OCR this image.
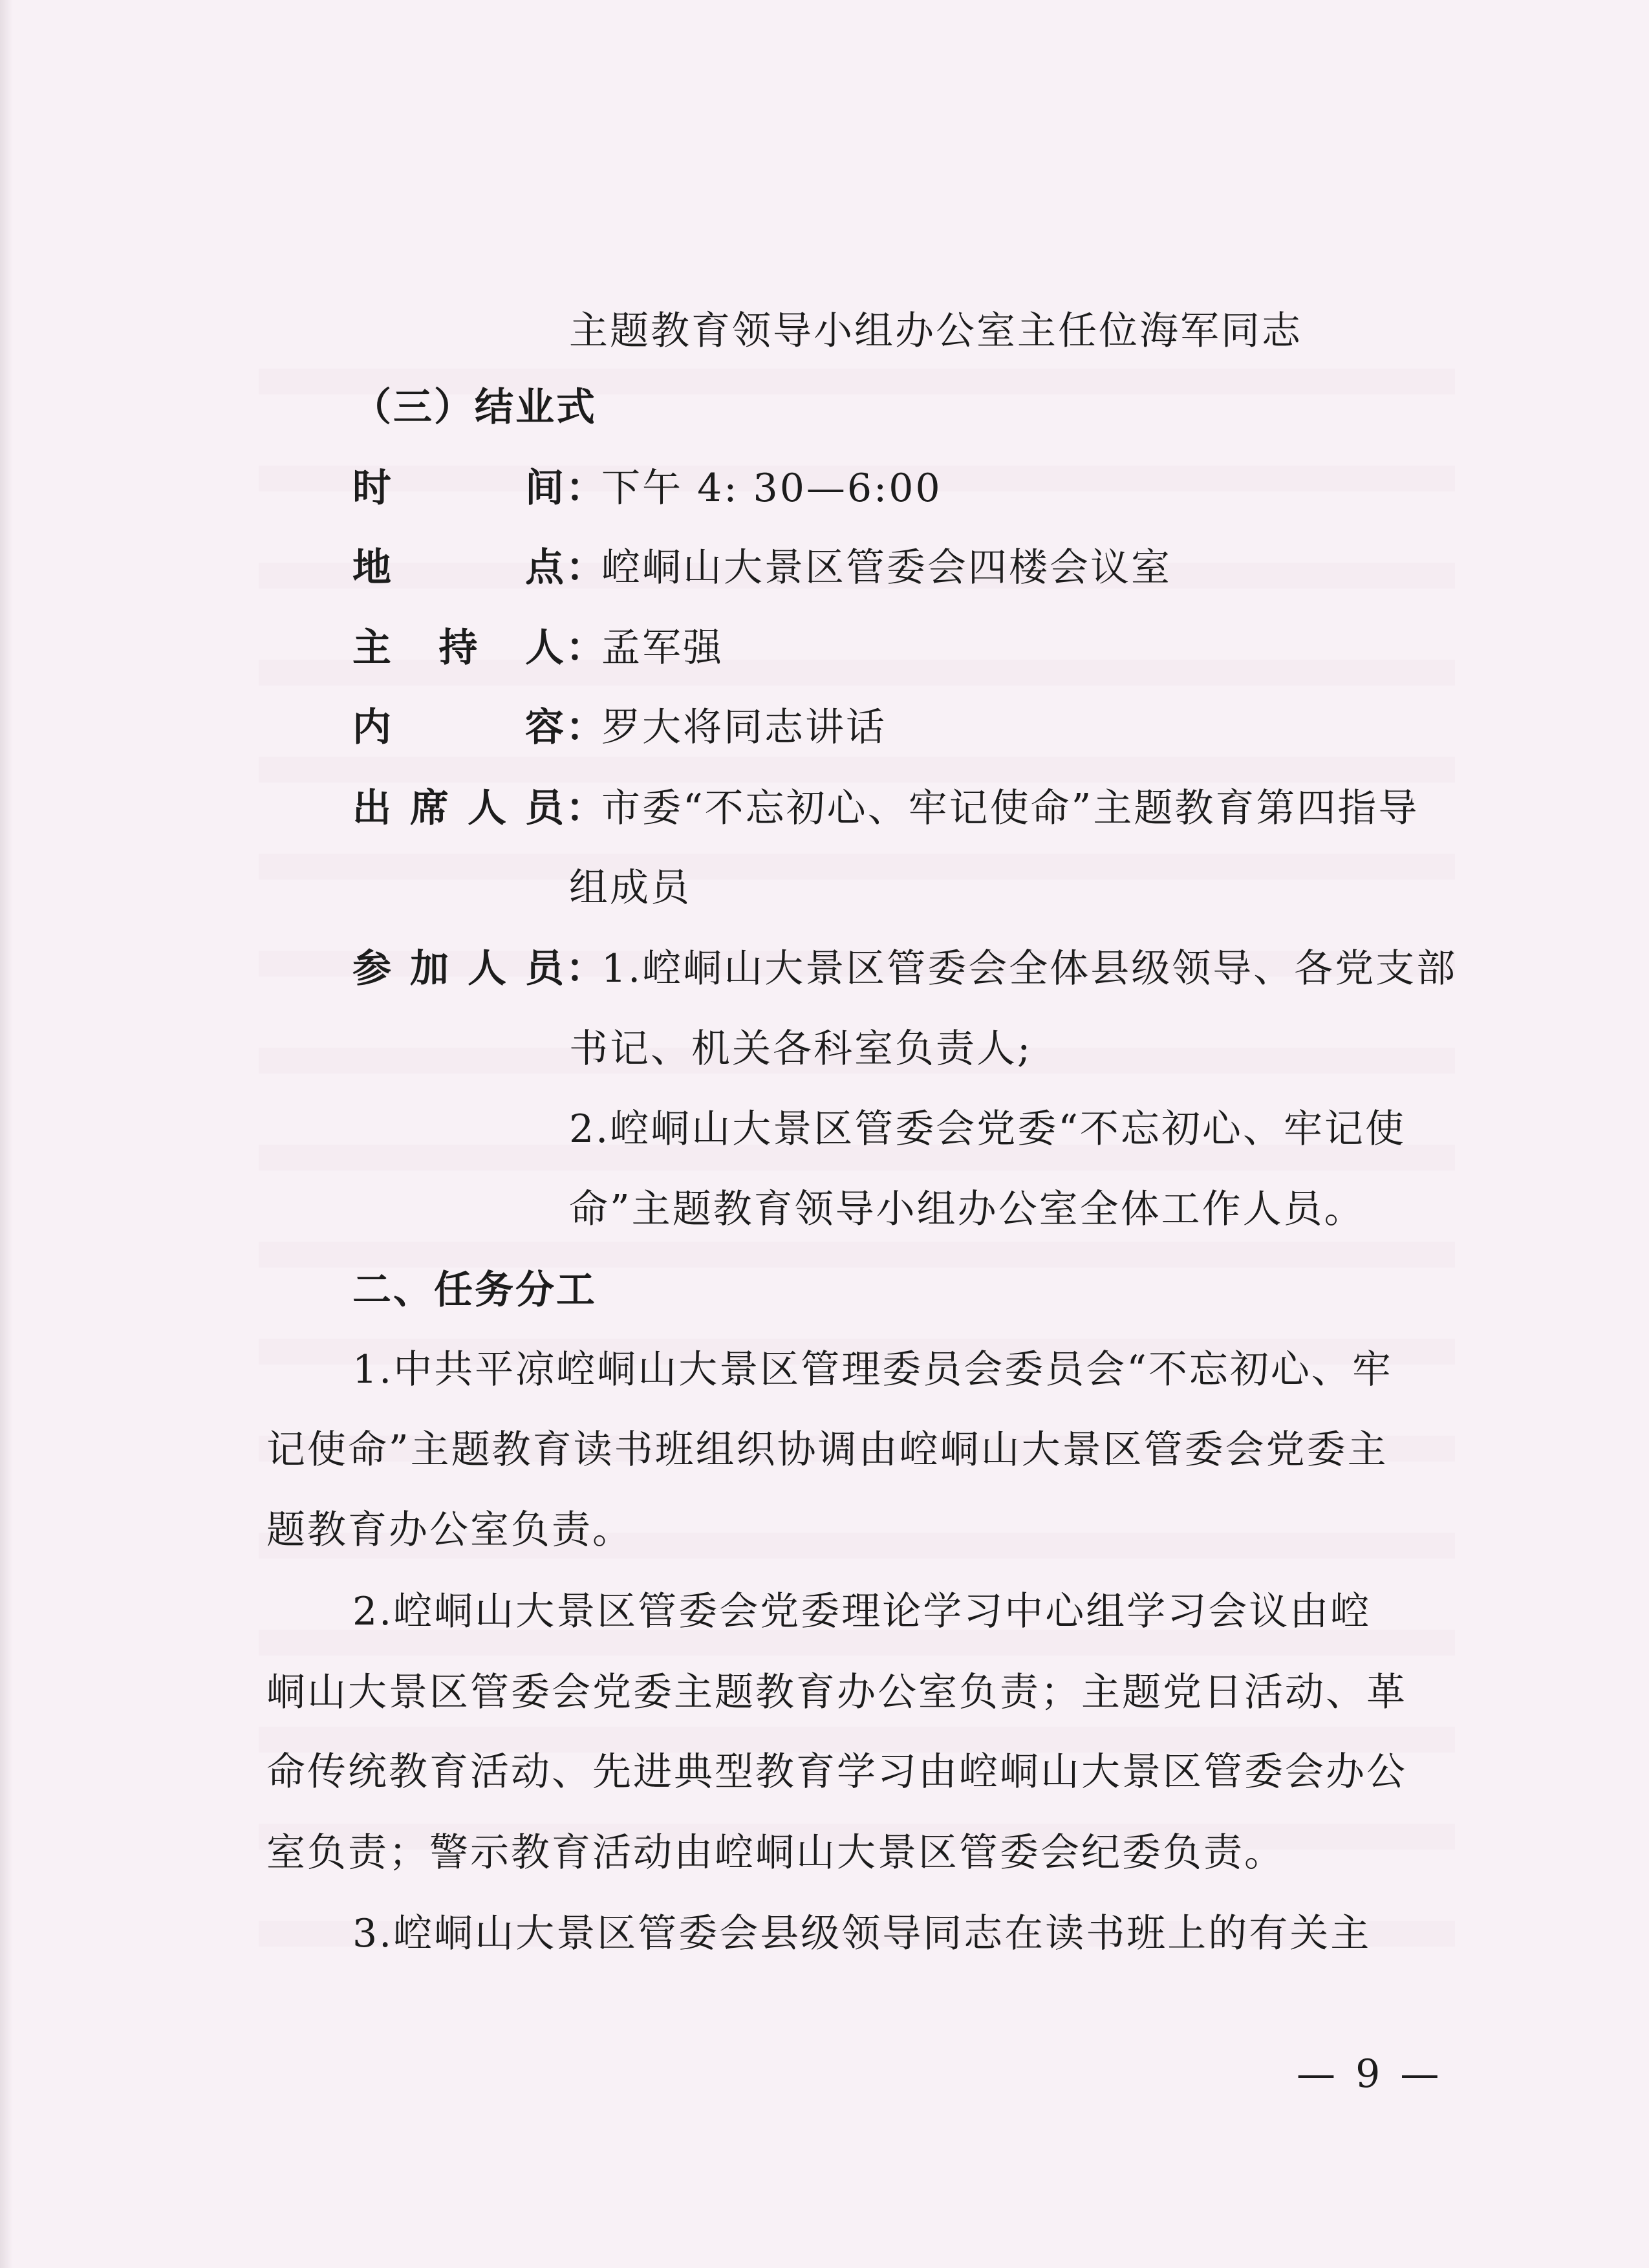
主题教育领导小组办公室主任位海军同志
（三）结业式
时间：下午 4: 30—6:00
地点：崆峒山大景区管委会四楼会议室
主持人：孟军强
内容：罗大将同志讲话
出席人员：市委“不忘初心、牢记使命”主题教育第四指导
组成员
参加人员：1.崆峒山大景区管委会全体县级领导、各党支部
书记、机关各科室负责人;
2.崆峒山大景区管委会党委“不忘初心、牢记使
命”主题教育领导小组办公室全体工作人员。
二、任务分工
1.中共平凉崆峒山大景区管理委员会委员会“不忘初心、牢
记使命”主题教育读书班组织协调由崆峒山大景区管委会党委主
题教育办公室负责。
2.崆峒山大景区管委会党委理论学习中心组学习会议由崆
峒山大景区管委会党委主题教育办公室负责；主题党日活动、革
命传统教育活动、先进典型教育学习由崆峒山大景区管委会办公
室负责；警示教育活动由崆峒山大景区管委会纪委负责。
3.崆峒山大景区管委会县级领导同志在读书班上的有关主
— 9 —
